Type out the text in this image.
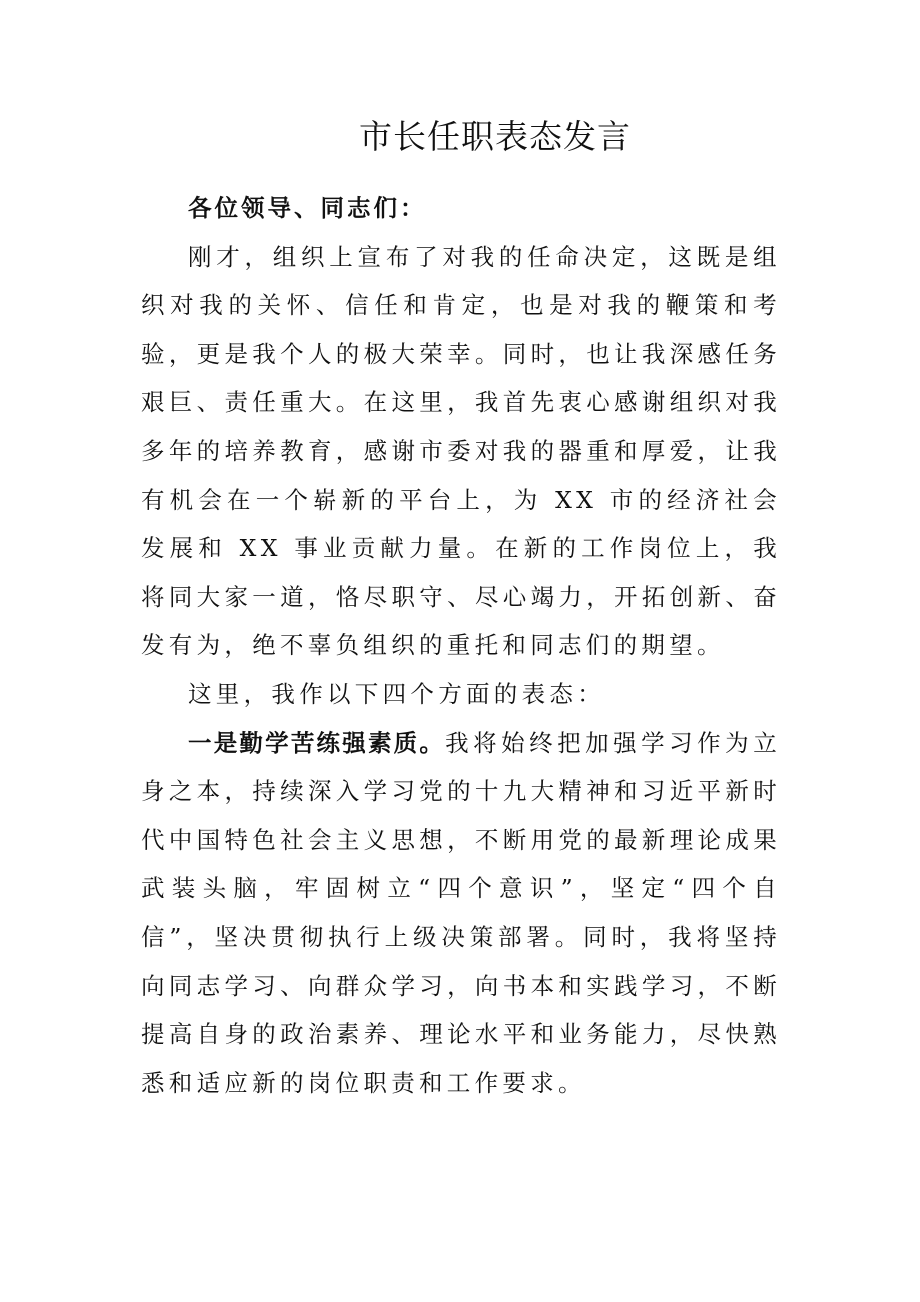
市长任职表态发言

各位领导、同志们：

刚才，组织上宣布了对我的任命决定，这既是组织对我的关怀、信任和肯定，也是对我的鞭策和考验，更是我个人的极大荣幸。同时，也让我深感任务艰巨、责任重大。在这里，我首先衷心感谢组织对我多年的培养教育，感谢市委对我的器重和厚爱，让我有机会在一个崭新的平台上，为 XX 市的经济社会发展和 XX 事业贡献力量。在新的工作岗位上，我将同大家一道，恪尽职守、尽心竭力，开拓创新、奋发有为，绝不辜负组织的重托和同志们的期望。

这里，我作以下四个方面的表态：

一是勤学苦练强素质。我将始终把加强学习作为立身之本，持续深入学习党的十九大精神和习近平新时代中国特色社会主义思想，不断用党的最新理论成果武装头脑，牢固树立“四个意识”，坚定“四个自信”，坚决贯彻执行上级决策部署。同时，我将坚持向同志学习、向群众学习，向书本和实践学习，不断提高自身的政治素养、理论水平和业务能力，尽快熟悉和适应新的岗位职责和工作要求。
